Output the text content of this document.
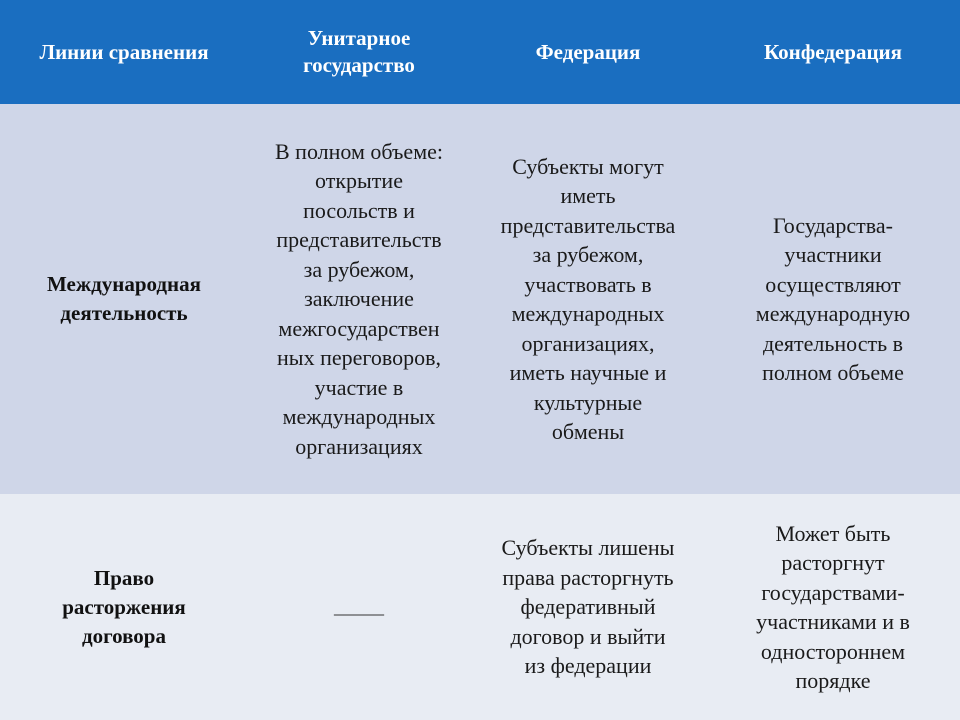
Линии сравнения
Унитарное
государство
Федерация	Конфедерация
Международная
деятельность
В полном объеме:
открытие
посольств и
представительств
за рубежом,
заключение
межгосударствен
ных переговоров,
участие в
международных
организациях
Субъекты могут
иметь
представительства
за рубежом,
участвовать в
международных
организациях,
иметь научные и
культурные
обмены
Государства-
участники
осуществляют
международную
деятельность в
полном объеме
Право
расторжения
договора
_____
Субъекты лишены
права расторгнуть
федеративный
договор и выйти
из федерации
Может быть
расторгнут
государствами-
участниками и в
одностороннем
порядке
